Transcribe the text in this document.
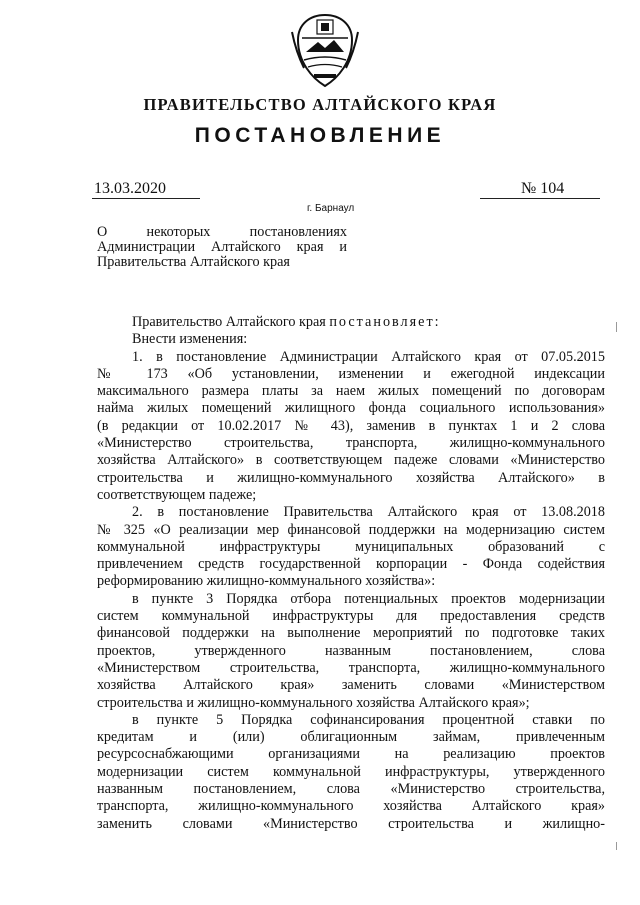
ПРАВИТЕЛЬСТВО АЛТАЙСКОГО КРАЯ
ПОСТАНОВЛЕНИЕ
13.03.2020	№ 104
г. Барнаул
О некоторых постановлениях
Администрации Алтайского края и
Правительства Алтайского края
Правительство Алтайского края постановляет:
Внести изменения:
1. в постановление Администрации Алтайского края от 07.05.2015
№ 173 «Об установлении, изменении и ежегодной индексации
максимального размера платы за наем жилых помещений по договорам
найма жилых помещений жилищного фонда социального использования»
(в редакции от 10.02.2017 № 43), заменив в пунктах 1 и 2 слова
«Министерство строительства, транспорта, жилищно-коммунального
хозяйства Алтайского» в соответствующем падеже словами «Министерство
строительства и жилищно-коммунального хозяйства Алтайского» в
соответствующем падеже;
2. в постановление Правительства Алтайского края от 13.08.2018
№ 325 «О реализации мер финансовой поддержки на модернизацию систем
коммунальной инфраструктуры муниципальных образований с
привлечением средств государственной корпорации - Фонда содействия
реформированию жилищно-коммунального хозяйства»:
в пункте 3 Порядка отбора потенциальных проектов модернизации
систем коммунальной инфраструктуры для предоставления средств
финансовой поддержки на выполнение мероприятий по подготовке таких
проектов, утвержденного названным постановлением, слова
«Министерством строительства, транспорта, жилищно-коммунального
хозяйства Алтайского края» заменить словами «Министерством
строительства и жилищно-коммунального хозяйства Алтайского края»;
в пункте 5 Порядка софинансирования процентной ставки по
кредитам и (или) облигационным займам, привлеченным
ресурсоснабжающими организациями на реализацию проектов
модернизации систем коммунальной инфраструктуры, утвержденного
названным постановлением, слова «Министерство строительства,
транспорта, жилищно-коммунального хозяйства Алтайского края»
заменить словами «Министерство строительства и жилищно-
